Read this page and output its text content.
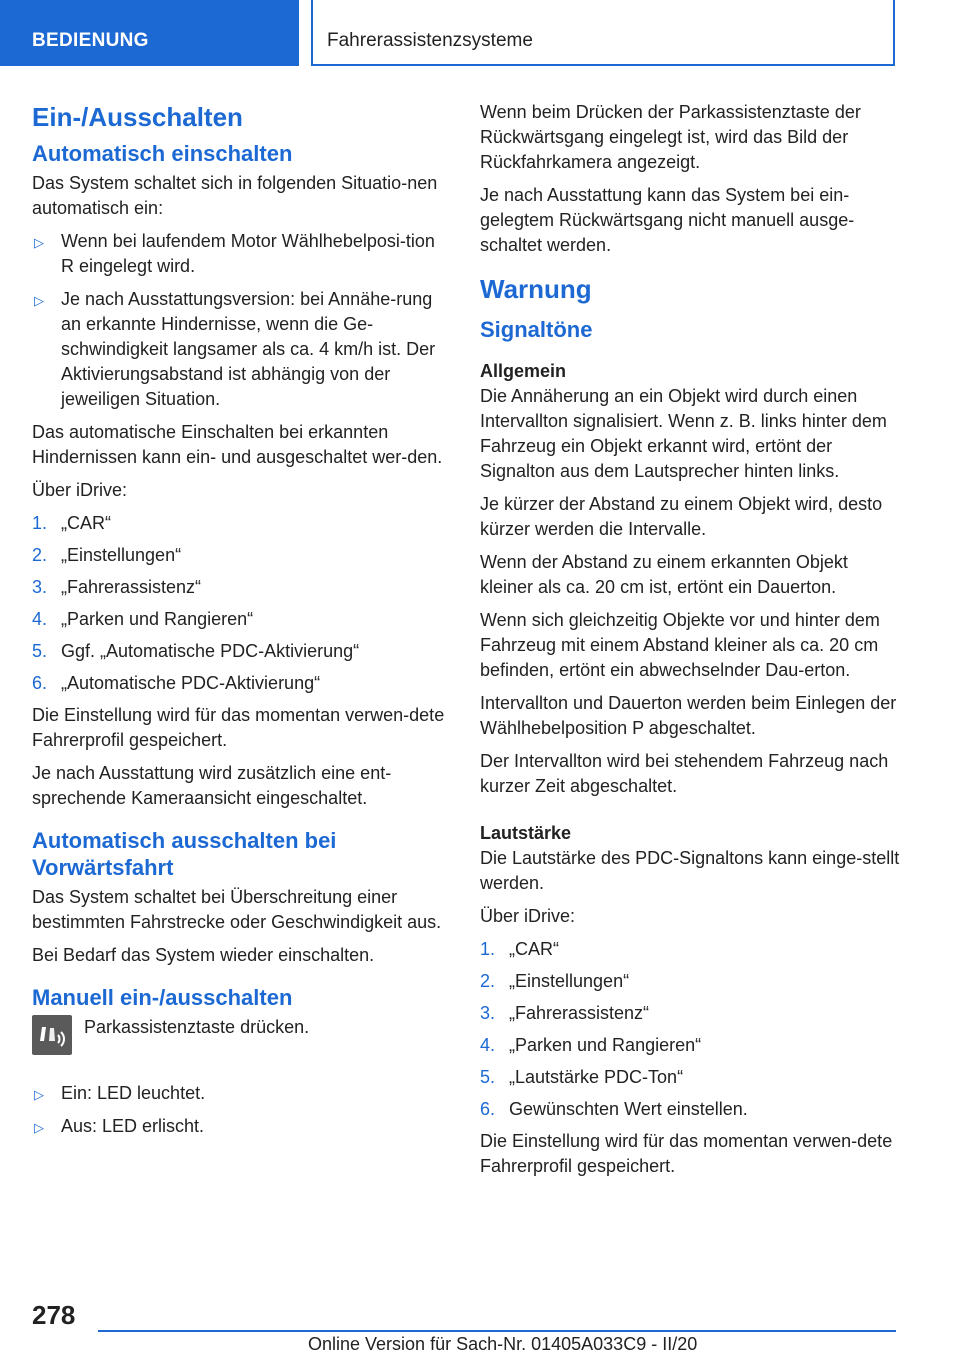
BEDIENUNG	Fahrerassistenzsysteme
Ein-/Ausschalten
Automatisch einschalten

Das System schaltet sich in folgenden Situatio‐nen automatisch ein:

▷ Wenn bei laufendem Motor Wählhebelposi‐tion R eingelegt wird.
▷ Je nach Ausstattungsversion: bei Annähe‐rung an erkannte Hindernisse, wenn die Ge‐schwindigkeit langsamer als ca. 4 km/h ist. Der Aktivierungsabstand ist abhängig von der jeweiligen Situation.

Das automatische Einschalten bei erkannten Hindernissen kann ein- und ausgeschaltet wer‐den.

Über iDrive:

1. „CAR“
2. „Einstellungen“
3. „Fahrerassistenz“
4. „Parken und Rangieren“
5. Ggf. „Automatische PDC-Aktivierung“
6. „Automatische PDC-Aktivierung“

Die Einstellung wird für das momentan verwen‐dete Fahrerprofil gespeichert.

Je nach Ausstattung wird zusätzlich eine ent‐sprechende Kameraansicht eingeschaltet.

Automatisch ausschalten bei Vorwärtsfahrt

Das System schaltet bei Überschreitung einer bestimmten Fahrstrecke oder Geschwindigkeit aus.

Bei Bedarf das System wieder einschalten.

Manuell ein-/ausschalten

Parkassistenztaste drücken.

▷ Ein: LED leuchtet.
▷ Aus: LED erlischt.

Wenn beim Drücken der Parkassistenztaste der Rückwärtsgang eingelegt ist, wird das Bild der Rückfahrkamera angezeigt.

Je nach Ausstattung kann das System bei ein‐gelegtem Rückwärtsgang nicht manuell ausge‐schaltet werden.

Warnung
Signaltöne
Allgemein

Die Annäherung an ein Objekt wird durch einen Intervallton signalisiert. Wenn z. B. links hinter dem Fahrzeug ein Objekt erkannt wird, ertönt der Signalton aus dem Lautsprecher hinten links.

Je kürzer der Abstand zu einem Objekt wird, desto kürzer werden die Intervalle.

Wenn der Abstand zu einem erkannten Objekt kleiner als ca. 20 cm ist, ertönt ein Dauerton.

Wenn sich gleichzeitig Objekte vor und hinter dem Fahrzeug mit einem Abstand kleiner als ca. 20 cm befinden, ertönt ein abwechselnder Dau‐erton.

Intervallton und Dauerton werden beim Einlegen der Wählhebelposition P abgeschaltet.

Der Intervallton wird bei stehendem Fahrzeug nach kurzer Zeit abgeschaltet.

Lautstärke

Die Lautstärke des PDC-Signaltons kann einge‐stellt werden.

Über iDrive:

1. „CAR“
2. „Einstellungen“
3. „Fahrerassistenz“
4. „Parken und Rangieren“
5. „Lautstärke PDC-Ton“
6. Gewünschten Wert einstellen.

Die Einstellung wird für das momentan verwen‐dete Fahrerprofil gespeichert.

278
Online Version für Sach-Nr. 01405A033C9 - II/20
